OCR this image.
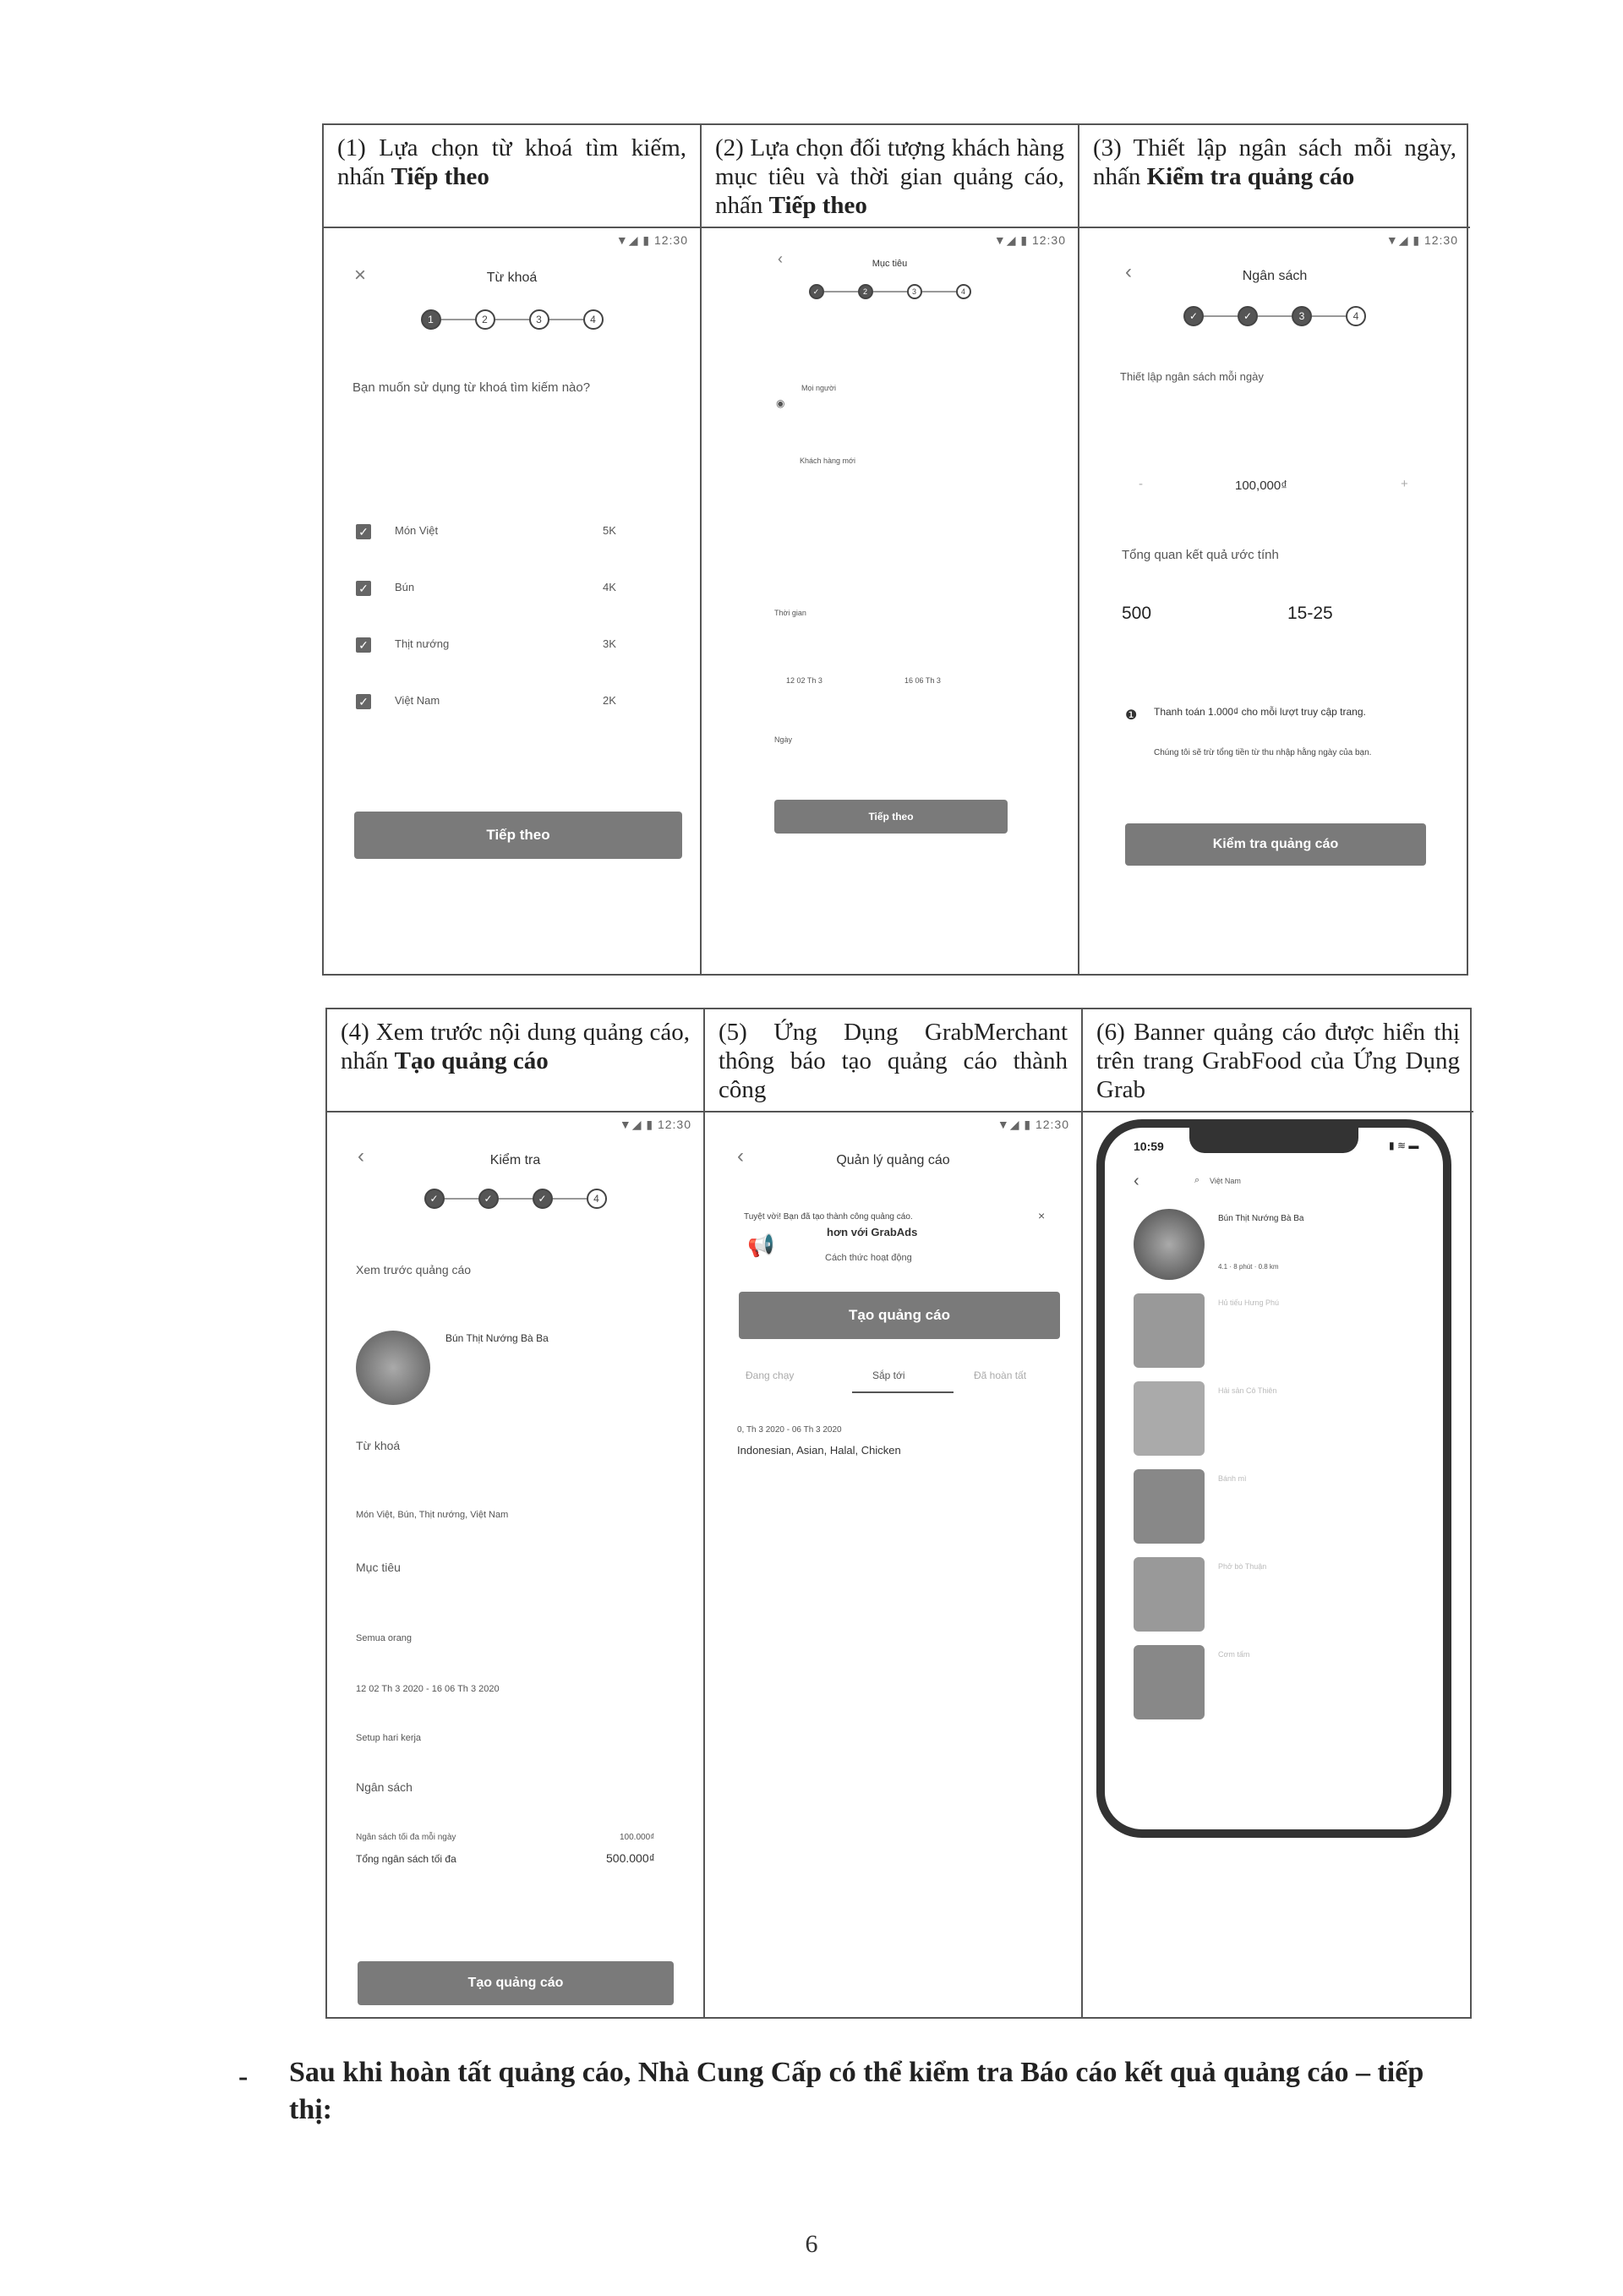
(1) Lựa chọn từ khoá tìm kiếm, nhấn Tiếp theo
▼◢ ▮ 12:30
×	Từ khoá
1	2	3	4
Bạn muốn sử dụng từ khoá tìm kiếm nào?
✓ Món Việt	5K
✓ Bún	4K
✓ Thịt nướng	3K
✓ Việt Nam	2K
Tiếp theo
(2) Lựa chọn đối tượng khách hàng mục tiêu và thời gian quảng cáo, nhấn Tiếp theo
▼◢ ▮ 12:30
‹	Mục tiêu
✓	2	3	4
Mọi người
◉
Khách hàng mới
Thời gian
12 02 Th 3	16 06 Th 3
Ngày
Tiếp theo
(3) Thiết lập ngân sách mỗi ngày, nhấn Kiểm tra quảng cáo
▼◢ ▮ 12:30
‹	Ngân sách
✓	✓	3	4
Thiết lập ngân sách mỗi ngày
100,000₫
-	+
Tổng quan kết quả ước tính
500	15-25
❶ Thanh toán 1.000₫ cho mỗi lượt truy cập trang.
Chúng tôi sẽ trừ tổng tiền từ thu nhập hằng ngày của bạn.
Kiểm tra quảng cáo
(4) Xem trước nội dung quảng cáo, nhấn Tạo quảng cáo
▼◢ ▮ 12:30
‹	Kiểm tra
✓	✓	✓	4
Xem trước quảng cáo
Bún Thịt Nướng Bà Ba
Từ khoá
Món Việt, Bún, Thịt nướng, Việt Nam
Mục tiêu
Semua orang
12 02 Th 3 2020 - 16 06 Th 3 2020
Setup hari kerja
Ngân sách
Ngân sách tối đa mỗi ngày	100.000₫
Tổng ngân sách tối đa	500.000₫
Tạo quảng cáo
(5) Ứng Dụng GrabMerchant thông báo tạo quảng cáo thành công
▼◢ ▮ 12:30
‹	Quản lý quảng cáo
Tuyệt vời! Bạn đã tạo thành công quảng cáo.	×
hơn với GrabAds
Cách thức hoạt động
📢
Tạo quảng cáo
Đang chạy	Sắp tới	Đã hoàn tất
0, Th 3 2020 - 06 Th 3 2020
Indonesian, Asian, Halal, Chicken
(6) Banner quảng cáo được hiển thị trên trang GrabFood của Ứng Dụng Grab
10:59	▮ ≋ ▬
‹	⌕ Việt Nam
Bún Thịt Nướng Bà Ba
4.1 · 8 phút · 0.8 km
Hủ tiếu Hưng Phú
Hải sản Cô Thiên
Bánh mì
Phở bò Thuận
Cơm tấm
- Sau khi hoàn tất quảng cáo, Nhà Cung Cấp có thể kiểm tra Báo cáo kết quả quảng cáo – tiếp thị:
6
